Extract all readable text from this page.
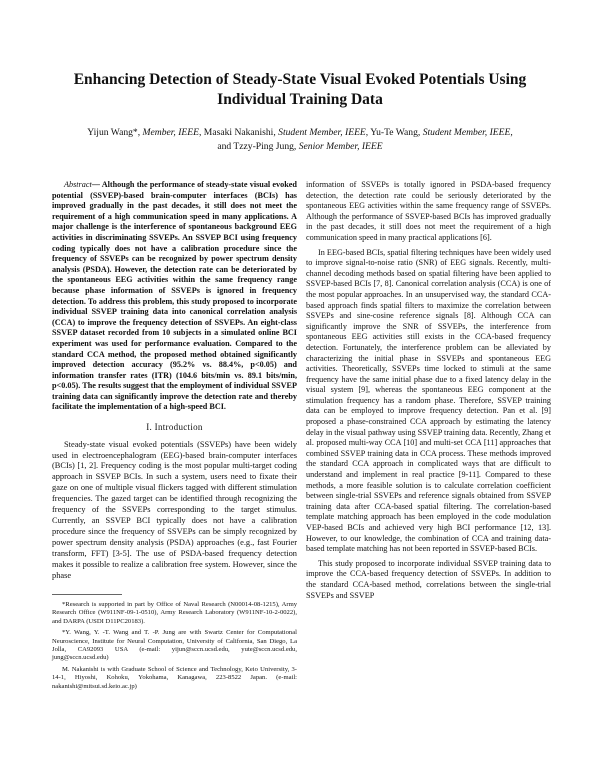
Enhancing Detection of Steady-State Visual Evoked Potentials Using Individual Training Data
Yijun Wang*, Member, IEEE, Masaki Nakanishi, Student Member, IEEE, Yu-Te Wang, Student Member, IEEE,
and Tzzy-Ping Jung, Senior Member, IEEE

Abstract— Although the performance of steady-state visual evoked potential (SSVEP)-based brain-computer interfaces (BCIs) has improved gradually in the past decades, it still does not meet the requirement of a high communication speed in many applications. A major challenge is the interference of spontaneous background EEG activities in discriminating SSVEPs. An SSVEP BCI using frequency coding typically does not have a calibration procedure since the frequency of SSVEPs can be recognized by power spectrum density analysis (PSDA). However, the detection rate can be deteriorated by the spontaneous EEG activities within the same frequency range because phase information of SSVEPs is ignored in frequency detection. To address this problem, this study proposed to incorporate individual SSVEP training data into canonical correlation analysis (CCA) to improve the frequency detection of SSVEPs. An eight-class SSVEP dataset recorded from 10 subjects in a simulated online BCI experiment was used for performance evaluation. Compared to the standard CCA method, the proposed method obtained significantly improved detection accuracy (95.2% vs. 88.4%, p<0.05) and information transfer rates (ITR) (104.6 bits/min vs. 89.1 bits/min, p<0.05). The results suggest that the employment of individual SSVEP training data can significantly improve the detection rate and thereby facilitate the implementation of a high-speed BCI.

I. Introduction

Steady-state visual evoked potentials (SSVEPs) have been widely used in electroencephalogram (EEG)-based brain-computer interfaces (BCIs) [1, 2]. Frequency coding is the most popular multi-target coding approach in SSVEP BCIs. In such a system, users need to fixate their gaze on one of multiple visual flickers tagged with different stimulation frequencies. The gazed target can be identified through recognizing the frequency of the SSVEPs corresponding to the target stimulus. Currently, an SSVEP BCI typically does not have a calibration procedure since the frequency of SSVEPs can be simply recognized by power spectrum density analysis (PSDA) approaches (e.g., fast Fourier transform, FFT) [3-5]. The use of PSDA-based frequency detection makes it possible to realize a calibration free system. However, since the phase

*Research is supported in part by Office of Naval Research (N00014-08-1215), Army Research Office (W911NF-09-1-0510), Army Research Laboratory (W911NF-10-2-0022), and DARPA (USDI D11PC20183).

*Y. Wang, Y. -T. Wang and T. -P. Jung are with Swartz Center for Computational Neuroscience, Institute for Neural Computation, University of California, San Diego, La Jolla, CA92093 USA (e-mail: yijun@sccn.ucsd.edu, yute@sccn.ucsd.edu, jung@sccn.ucsd.edu)

M. Nakanishi is with Graduate School of Science and Technology, Keio University, 3-14-1, Hiyoshi, Kohoku, Yokohama, Kanagawa, 223-8522 Japan. (e-mail: nakanishi@mitsui.sd.keio.ac.jp)

information of SSVEPs is totally ignored in PSDA-based frequency detection, the detection rate could be seriously deteriorated by the spontaneous EEG activities within the same frequency range of SSVEPs. Although the performance of SSVEP-based BCIs has improved gradually in the past decades, it still does not meet the requirement of a high communication speed in many practical applications [6].

In EEG-based BCIs, spatial filtering techniques have been widely used to improve signal-to-noise ratio (SNR) of EEG signals. Recently, multi-channel decoding methods based on spatial filtering have been applied to SSVEP-based BCIs [7, 8]. Canonical correlation analysis (CCA) is one of the most popular approaches. In an unsupervised way, the standard CCA-based approach finds spatial filters to maximize the correlation between SSVEPs and sine-cosine reference signals [8]. Although CCA can significantly improve the SNR of SSVEPs, the interference from spontaneous EEG activities still exists in the CCA-based frequency detection. Fortunately, the interference problem can be alleviated by characterizing the initial phase in SSVEPs and spontaneous EEG activities. Theoretically, SSVEPs time locked to stimuli at the same frequency have the same initial phase due to a fixed latency delay in the visual system [9], whereas the spontaneous EEG component at the stimulation frequency has a random phase. Therefore, SSVEP training data can be employed to improve frequency detection. Pan et al. [9] proposed a phase-constrained CCA approach by estimating the latency delay in the visual pathway using SSVEP training data. Recently, Zhang et al. proposed multi-way CCA [10] and multi-set CCA [11] approaches that combined SSVEP training data in CCA process. These methods improved the standard CCA approach in complicated ways that are difficult to understand and implement in real practice [9-11]. Compared to these methods, a more feasible solution is to calculate correlation coefficient between single-trial SSVEPs and reference signals obtained from SSVEP training data after CCA-based spatial filtering. The correlation-based template matching approach has been employed in the code modulation VEP-based BCIs and achieved very high BCI performance [12, 13]. However, to our knowledge, the combination of CCA and training data-based template matching has not been reported in SSVEP-based BCIs.

This study proposed to incorporate individual SSVEP training data to improve the CCA-based frequency detection of SSVEPs. In addition to the standard CCA-based method, correlations between the single-trial SSVEPs and SSVEP
